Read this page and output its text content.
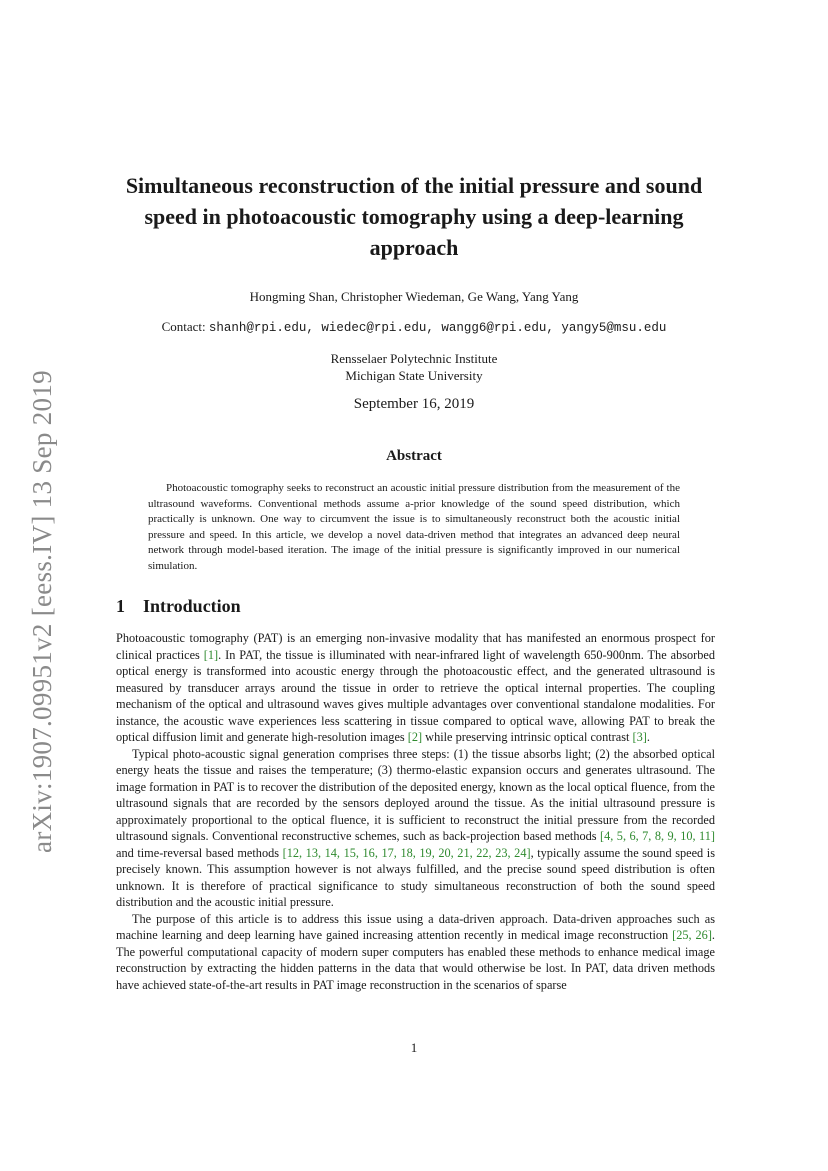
arXiv:1907.09951v2 [eess.IV] 13 Sep 2019
Simultaneous reconstruction of the initial pressure and sound speed in photoacoustic tomography using a deep-learning approach
Hongming Shan, Christopher Wiedeman, Ge Wang, Yang Yang
Contact: shanh@rpi.edu, wiedec@rpi.edu, wangg6@rpi.edu, yangy5@msu.edu
Rensselaer Polytechnic Institute
Michigan State University
September 16, 2019
Abstract

Photoacoustic tomography seeks to reconstruct an acoustic initial pressure distribution from the measurement of the ultrasound waveforms. Conventional methods assume a-prior knowledge of the sound speed distribution, which practically is unknown. One way to circumvent the issue is to simultaneously reconstruct both the acoustic initial pressure and speed. In this article, we develop a novel data-driven method that integrates an advanced deep neural network through model-based iteration. The image of the initial pressure is significantly improved in our numerical simulation.

1 Introduction

Photoacoustic tomography (PAT) is an emerging non-invasive modality that has manifested an enormous prospect for clinical practices [1]. In PAT, the tissue is illuminated with near-infrared light of wavelength 650-900nm. The absorbed optical energy is transformed into acoustic energy through the photoacoustic effect, and the generated ultrasound is measured by transducer arrays around the tissue in order to retrieve the optical internal properties. The coupling mechanism of the optical and ultrasound waves gives multiple advantages over conventional standalone modalities. For instance, the acoustic wave experiences less scattering in tissue compared to optical wave, allowing PAT to break the optical diffusion limit and generate high-resolution images [2] while preserving intrinsic optical contrast [3].

Typical photo-acoustic signal generation comprises three steps: (1) the tissue absorbs light; (2) the absorbed optical energy heats the tissue and raises the temperature; (3) thermo-elastic expansion occurs and generates ultrasound. The image formation in PAT is to recover the distribution of the deposited energy, known as the local optical fluence, from the ultrasound signals that are recorded by the sensors deployed around the tissue. As the initial ultrasound pressure is approximately proportional to the optical fluence, it is sufficient to reconstruct the initial pressure from the recorded ultrasound signals. Conventional reconstructive schemes, such as back-projection based methods [4, 5, 6, 7, 8, 9, 10, 11] and time-reversal based methods [12, 13, 14, 15, 16, 17, 18, 19, 20, 21, 22, 23, 24], typically assume the sound speed is precisely known. This assumption however is not always fulfilled, and the precise sound speed distribution is often unknown. It is therefore of practical significance to study simultaneous reconstruction of both the sound speed distribution and the acoustic initial pressure.

The purpose of this article is to address this issue using a data-driven approach. Data-driven approaches such as machine learning and deep learning have gained increasing attention recently in medical image reconstruction [25, 26]. The powerful computational capacity of modern super computers has enabled these methods to enhance medical image reconstruction by extracting the hidden patterns in the data that would otherwise be lost. In PAT, data driven methods have achieved state-of-the-art results in PAT image reconstruction in the scenarios of sparse

1
